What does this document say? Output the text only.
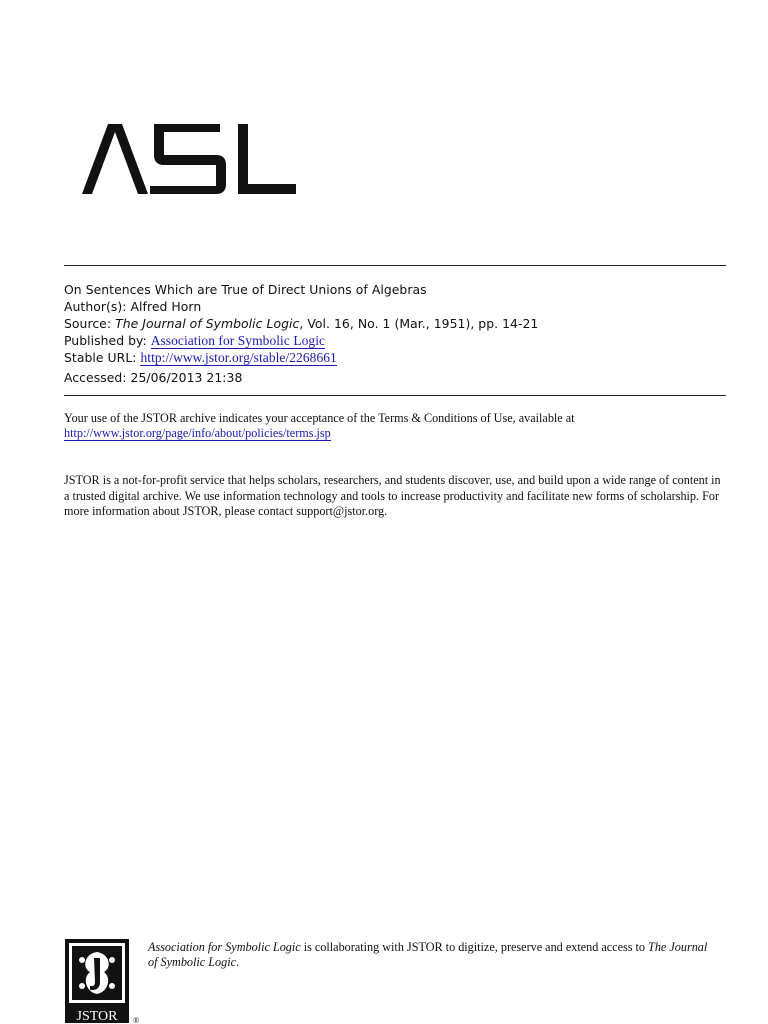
On Sentences Which are True of Direct Unions of Algebras
Author(s): Alfred Horn
Source: The Journal of Symbolic Logic, Vol. 16, No. 1 (Mar., 1951), pp. 14-21
Published by: Association for Symbolic Logic
Stable URL: http://www.jstor.org/stable/2268661
Accessed: 25/06/2013 21:38
Your use of the JSTOR archive indicates your acceptance of the Terms & Conditions of Use, available at
http://www.jstor.org/page/info/about/policies/terms.jsp
JSTOR is a not-for-profit service that helps scholars, researchers, and students discover, use, and build upon a wide range of content in a trusted digital archive. We use information technology and tools to increase productivity and facilitate new forms of scholarship. For more information about JSTOR, please contact support@jstor.org.
JSTOR ®
Association for Symbolic Logic is collaborating with JSTOR to digitize, preserve and extend access to The Journal of Symbolic Logic.
